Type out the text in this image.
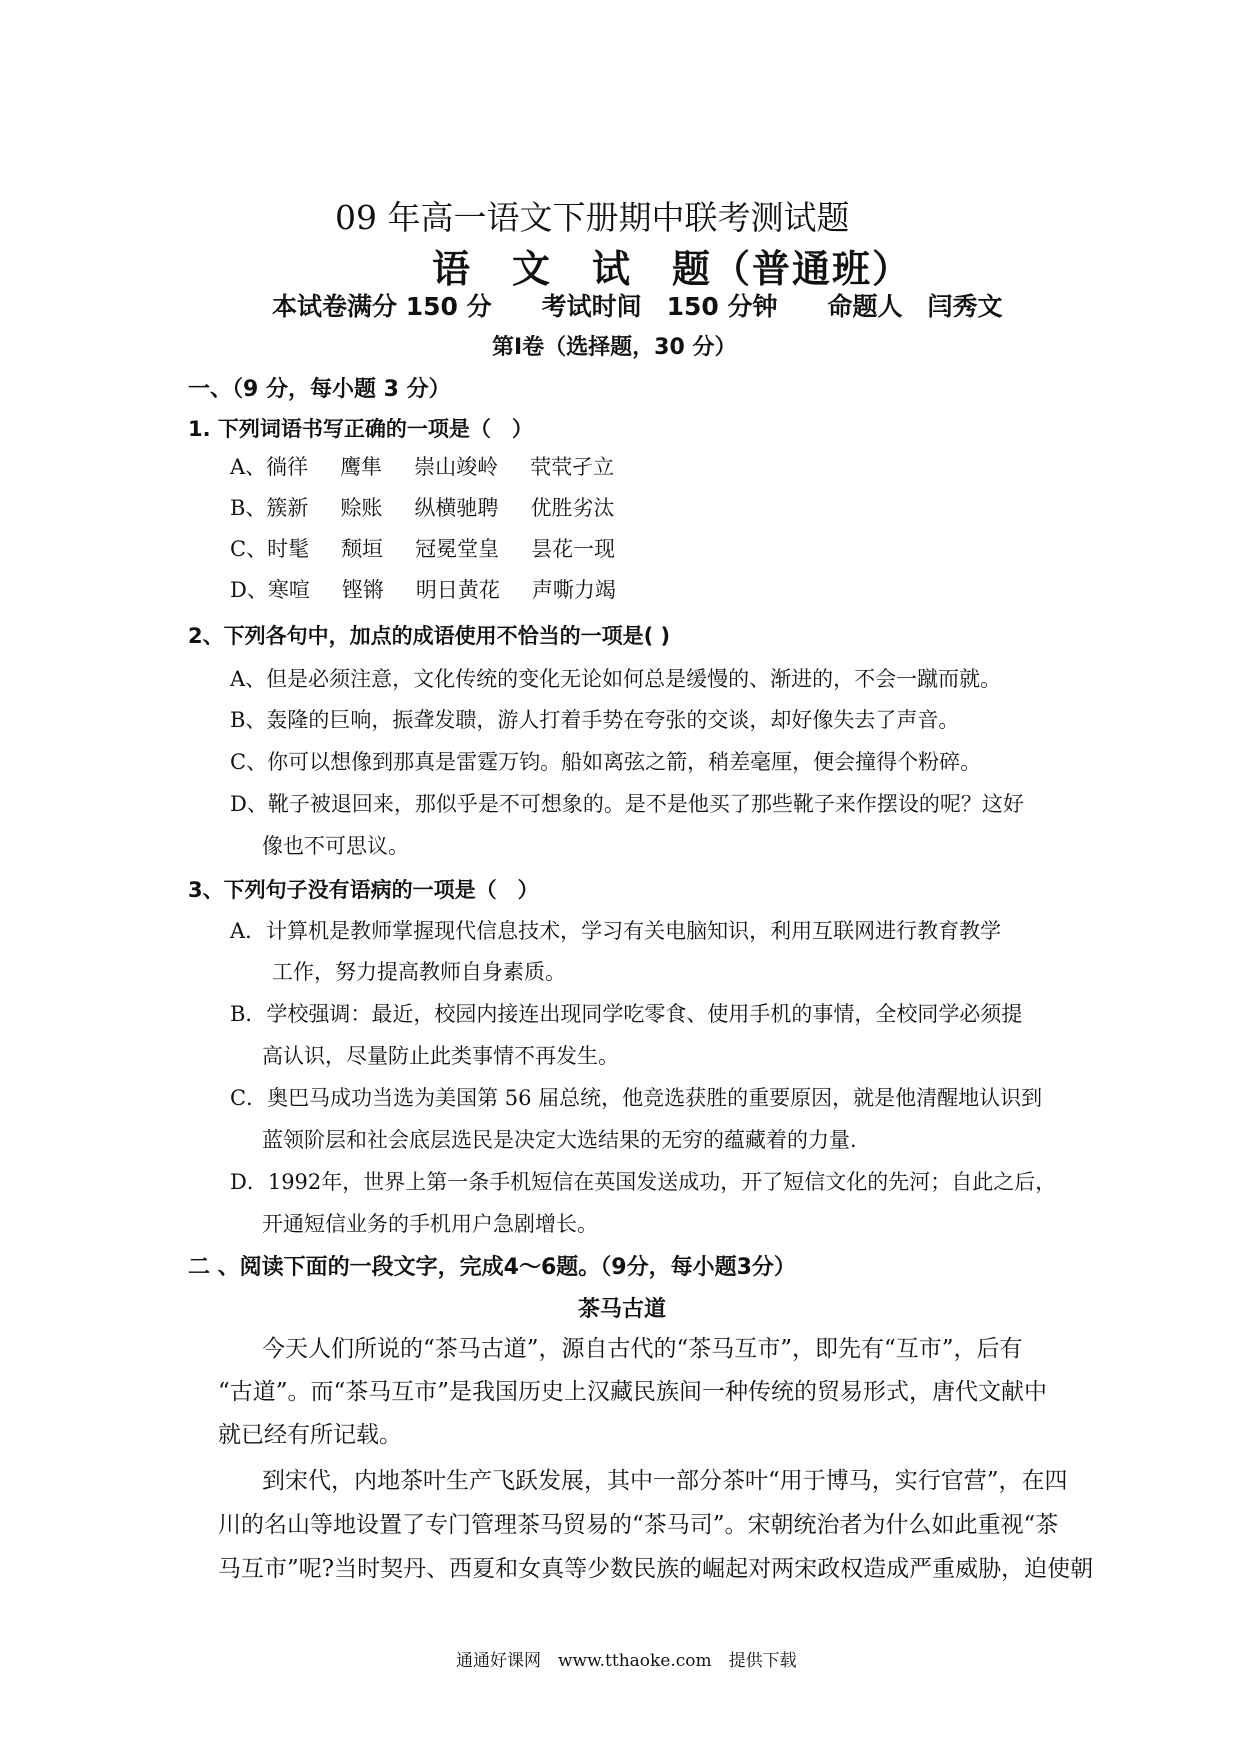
09 年高一语文下册期中联考测试题
语　文　试　题（普通班）
本试卷满分 150 分　　考试时间　150 分钟　　命题人　闫秀文
第Ⅰ卷（选择题，30 分）
一、（9 分，每小题 3 分）
1. 下列词语书写正确的一项是（　）
A、徜徉 鹰隼 崇山竣岭 茕茕孑立
B、簇新 赊账 纵横驰聘 优胜劣汰
C、时髦 颓垣 冠冕堂皇 昙花一现
D、寒喧 铿锵 明日黄花 声嘶力竭
2、下列各句中，加点的成语使用不恰当的一项是( )
A、但是必须注意，文化传统的变化无论如何总是缓慢的、渐进的，不会一蹴而就。
B、轰隆的巨响，振聋发聩，游人打着手势在夸张的交谈，却好像失去了声音。
C、你可以想像到那真是雷霆万钧。船如离弦之箭，稍差毫厘，便会撞得个粉碎。
D、靴子被退回来，那似乎是不可想象的。是不是他买了那些靴子来作摆设的呢？这好
像也不可思议。
3、下列句子没有语病的一项是（　）
A．计算机是教师掌握现代信息技术，学习有关电脑知识，利用互联网进行教育教学
工作，努力提高教师自身素质。
B．学校强调：最近，校园内接连出现同学吃零食、使用手机的事情，全校同学必须提
高认识，尽量防止此类事情不再发生。
C．奥巴马成功当选为美国第 56 届总统，他竞选获胜的重要原因，就是他清醒地认识到
蓝领阶层和社会底层选民是决定大选结果的无穷的蕴藏着的力量.
D．1992年，世界上第一条手机短信在英国发送成功，开了短信文化的先河；自此之后，
开通短信业务的手机用户急剧增长。
二 、阅读下面的一段文字，完成4～6题。（9分，每小题3分）
茶马古道
今天人们所说的“茶马古道”，源自古代的“茶马互市”，即先有“互市”，后有
“古道”。而“茶马互市”是我国历史上汉藏民族间一种传统的贸易形式，唐代文献中
就已经有所记载。
到宋代，内地茶叶生产飞跃发展，其中一部分茶叶“用于博马，实行官营”，在四
川的名山等地设置了专门管理茶马贸易的“茶马司”。宋朝统治者为什么如此重视“茶
马互市”呢?当时契丹、西夏和女真等少数民族的崛起对两宋政权造成严重威胁，迫使朝
通通好课网　www.tthaoke.com　提供下载
